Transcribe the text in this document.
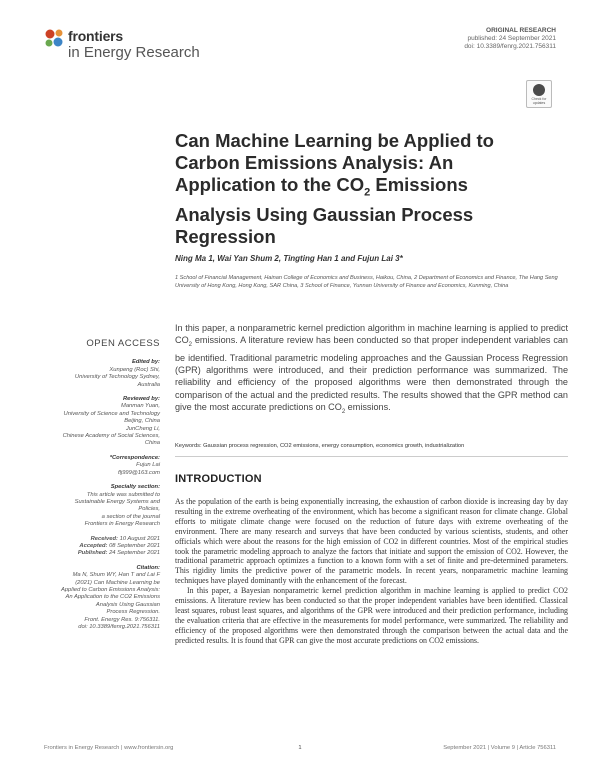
frontiers
in Energy Research
ORIGINAL RESEARCH
published: 24 September 2021
doi: 10.3389/fenrg.2021.756311
Check for updates
Can Machine Learning be Applied to
Carbon Emissions Analysis: An
Application to the $CO_2$ Emissions
Analysis Using Gaussian Process
Regression
Ning Ma 1, Wai Yan Shum 2, Tingting Han 1 and Fujun Lai 3*
1 School of Financial Management, Hainan College of Economics and Business, Haikou, China, 2 Department of Economics and Finance, The Hang Seng University of Hong Kong, Hong Kong, SAR China, 3 School of Finance, Yunnan University of Finance and Economics, Kunming, China
OPEN ACCESS
Edited by:
Xunpeng (Roc) Shi,
University of Technology Sydney,
Australia
Reviewed by:
Manman Yuan,
University of Science and Technology
Beijing, China
JunCheng Li,
Chinese Academy of Social Sciences,
China
*Correspondence:
Fujun Lai
flj999@163.com
Specialty section:
This article was submitted to
Sustainable Energy Systems and
Policies,
a section of the journal
Frontiers in Energy Research
Received: 10 August 2021
Accepted: 08 September 2021
Published: 24 September 2021
Citation:
Ma N, Shum WY, Han T and Lai F
(2021) Can Machine Learning be
Applied to Carbon Emissions Analysis:
An Application to the CO2 Emissions
Analysis Using Gaussian
Process Regression.
Front. Energy Res. 9:756311.
doi: 10.3389/fenrg.2021.756311
In this paper, a nonparametric kernel prediction algorithm in machine learning is applied to predict $CO_2$ emissions. A literature review has been conducted so that proper independent variables can be identified. Traditional parametric modeling approaches and the Gaussian Process Regression (GPR) algorithms were introduced, and their prediction performance was summarized. The reliability and efficiency of the proposed algorithms were then demonstrated through the comparison of the actual and the predicted results. The results showed that the GPR method can give the most accurate predictions on $CO_2$ emissions.
Keywords: Gaussian process regression, CO2 emissions, energy consumption, economics growth, industrialization
INTRODUCTION

As the population of the earth is being exponentially increasing, the exhaustion of carbon dioxide is increasing day by day resulting in the extreme overheating of the environment, which has become a significant reason for climate change. Global efforts to mitigate climate change were focused on the reduction of future days with extreme overheating of the environment. There are many research and surveys that have been conducted by various scientists, students, and other officials which were about the reasons for the high emission of CO2 in different countries. Most of the empirical studies took the parametric modeling approach to analyze the factors that initiate and support the emission of CO2. However, the traditional parametric approach optimizes a function to a known form with a set of finite and pre-determined parameters. This rigidity limits the predictive power of the parametric models. In recent years, nonparametric machine learning techniques have played dominantly with the enhancement of the forecast.

In this paper, a Bayesian nonparametric kernel prediction algorithm in machine learning is applied to predict CO2 emissions. A literature review has been conducted so that the proper independent variables have been identified. Classical least squares, robust least squares, and algorithms of the GPR were introduced and their prediction performance, including the evaluation criteria that are effective in the measurements for model performance, were summarized. The reliability and efficiency of the proposed algorithms were then demonstrated through the comparison between the actual data and the predicted results. It is found that GPR can give the most accurate predictions on CO2 emissions.

Frontiers in Energy Research | www.frontiersin.org	1	September 2021 | Volume 9 | Article 756311
